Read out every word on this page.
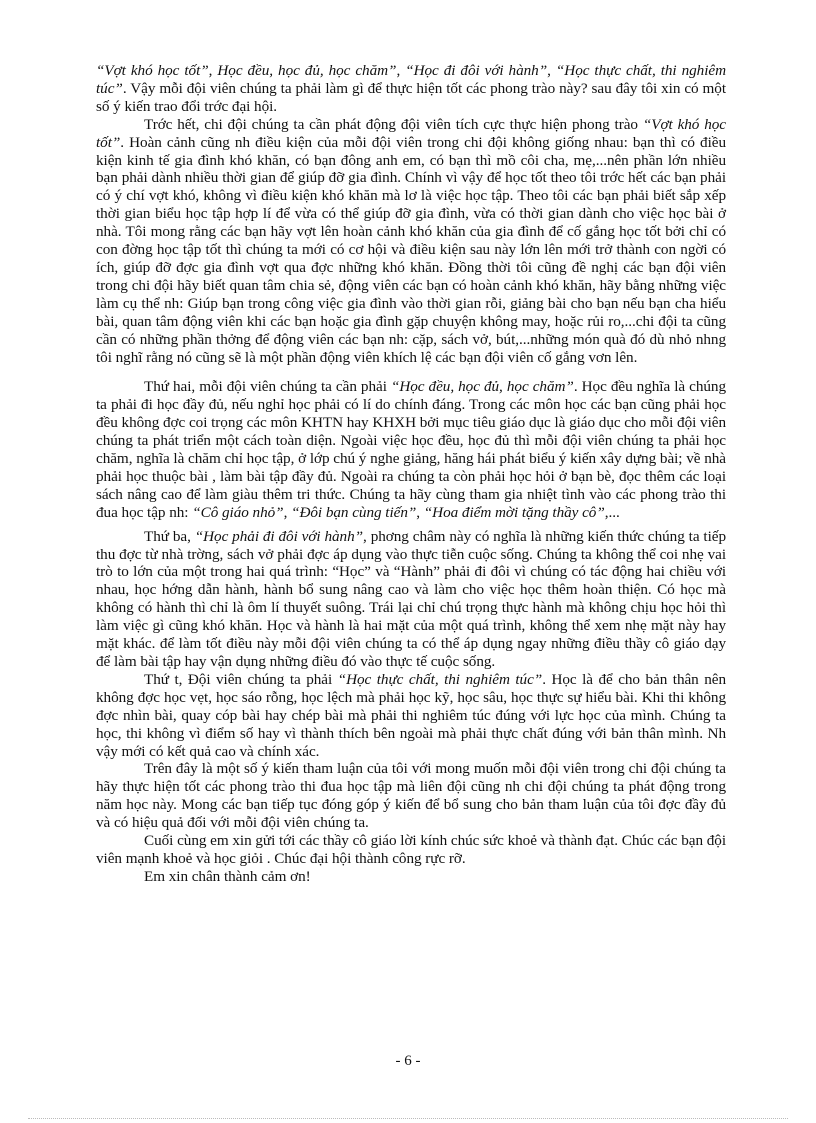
“Vợt khó học tốt”, Học đều, học đủ, học chăm”, “Học đi đôi với hành”, “Học thực chất, thi nghiêm túc”. Vậy mỗi đội viên chúng ta phải làm gì để thực hiện tốt các phong trào này? sau đây tôi xin có một số ý kiến trao đổi trớc đại hội.

Trớc hết, chi đội chúng ta cần phát động đội viên tích cực thực hiện phong trào “Vợt khó học tốt”. Hoàn cảnh cũng nh điều kiện của mỗi đội viên trong chi đội không giống nhau: bạn thì có điều kiện kinh tế gia đình khó khăn, có bạn đông anh em, có bạn thì mồ côi cha, mẹ,...nên phần lớn nhiều bạn phải dành nhiều thời gian để giúp đỡ gia đình. Chính vì vậy để học tốt theo tôi trớc hết các bạn phải có ý chí vợt khó, không vì điều kiện khó khăn mà lơ là việc học tập. Theo tôi các bạn phải biết sắp xếp thời gian biểu học tập hợp lí để vừa có thể giúp đỡ gia đình, vừa có thời gian dành cho việc học bài ở nhà. Tôi mong rằng các bạn hãy vợt lên hoàn cảnh khó khăn của gia đình để cố gắng học tốt bởi chỉ có con đờng học tập tốt thì chúng ta mới có cơ hội và điều kiện sau này lớn lên mới trở thành con ngời có ích, giúp đỡ đợc gia đình vợt qua đợc những khó khăn. Đồng thời tôi cũng đề nghị các bạn đội viên trong chi đội hãy biết quan tâm chia sẻ, động viên các bạn có hoàn cảnh khó khăn, hãy bằng những việc làm cụ thể nh: Giúp bạn trong công việc gia đình vào thời gian rỗi, giảng bài cho bạn nếu bạn cha hiểu bài, quan tâm động viên khi các bạn hoặc gia đình gặp chuyện không may, hoặc rủi ro,...chi đội ta cũng cần có những phần thởng để động viên các bạn nh: cặp, sách vở, bút,...những món quà đó dù nhỏ nhng tôi nghĩ rằng nó cũng sẽ là một phần động viên khích lệ các bạn đội viên cố gắng vơn lên.

Thứ hai, mỗi đội viên chúng ta cần phải “Học đều, học đủ, học chăm”. Học đều nghĩa là chúng ta phải đi học đầy đủ, nếu nghỉ học phải có lí do chính đáng. Trong các môn học các bạn cũng phải học đều không đợc coi trọng các môn KHTN hay KHXH bởi mục tiêu giáo dục là giáo dục cho mỗi đội viên chúng ta phát triển một cách toàn diện. Ngoài việc học đều, học đủ thì mỗi đội viên chúng ta phải học chăm, nghĩa là chăm chỉ học tập, ở lớp chú ý nghe giảng, hăng hái phát biểu ý kiến xây dựng bài; về nhà phải học thuộc bài , làm bài tập đầy đủ. Ngoài ra chúng ta còn phải học hỏi ở bạn bè, đọc thêm các loại sách nâng cao để làm giàu thêm tri thức. Chúng ta hãy cùng tham gia nhiệt tình vào các phong trào thi đua học tập nh: “Cô giáo nhỏ”, “Đôi bạn cùng tiến”, “Hoa điểm mời tặng thầy cô”,...

Thứ ba, “Học phải đi đôi với hành”, phơng châm này có nghĩa là những kiến thức chúng ta tiếp thu đợc từ nhà trờng, sách vở phải đợc áp dụng vào thực tiễn cuộc sống. Chúng ta không thể coi nhẹ vai trò to lớn của một trong hai quá trình: “Học” và “Hành” phải đi đôi vì chúng có tác động hai chiều với nhau, học hớng dẫn hành, hành bổ sung nâng cao và làm cho việc học thêm hoàn thiện. Có học mà không có hành thì chỉ là ôm lí thuyết suông. Trái lại chỉ chú trọng thực hành mà không chịu học hỏi thì làm việc gì cũng khó khăn. Học và hành là hai mặt của một quá trình, không thể xem nhẹ mặt này hay mặt khác. để làm tốt điều này mỗi đội viên chúng ta có thể áp dụng ngay những điều thầy cô giáo dạy để làm bài tập hay vận dụng những điều đó vào thực tế cuộc sống.

Thứ t, Đội viên chúng ta phải “Học thực chất, thi nghiêm túc”. Học là để cho bản thân nên không đợc học vẹt, học sáo rỗng, học lệch mà phải học kỹ, học sâu, học thực sự hiểu bài. Khi thi không đợc nhìn bài, quay cóp bài hay chép bài mà phải thi nghiêm túc đúng với lực học của mình. Chúng ta học, thi không vì điểm số hay vì thành thích bên ngoài mà phải thực chất đúng với bản thân mình. Nh vậy mới có kết quả cao và chính xác.

Trên đây là một số ý kiến tham luận của tôi với mong muốn mỗi đội viên trong chi đội chúng ta hãy thực hiện tốt các phong trào thi đua học tập mà liên đội cũng nh chi đội chúng ta phát động trong năm học này. Mong các bạn tiếp tục đóng góp ý kiến để bổ sung cho bản tham luận của tôi đợc đầy đủ và có hiệu quả đối với mỗi đội viên chúng ta.

Cuối cùng em xin gửi tới các thầy cô giáo lời kính chúc sức khoẻ và thành đạt. Chúc các bạn đội viên mạnh khoẻ và học giỏi . Chúc đại hội thành công rực rỡ.

Em xin chân thành cảm ơn!

- 6 -
